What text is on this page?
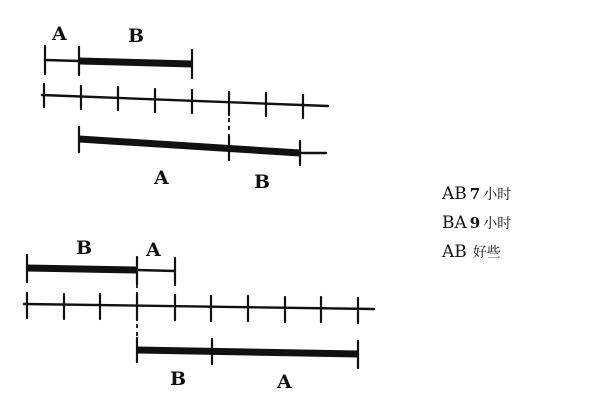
A	B
A	B
B	A
B	A
AB 7 小时
BA 9 小时
AB 好些
